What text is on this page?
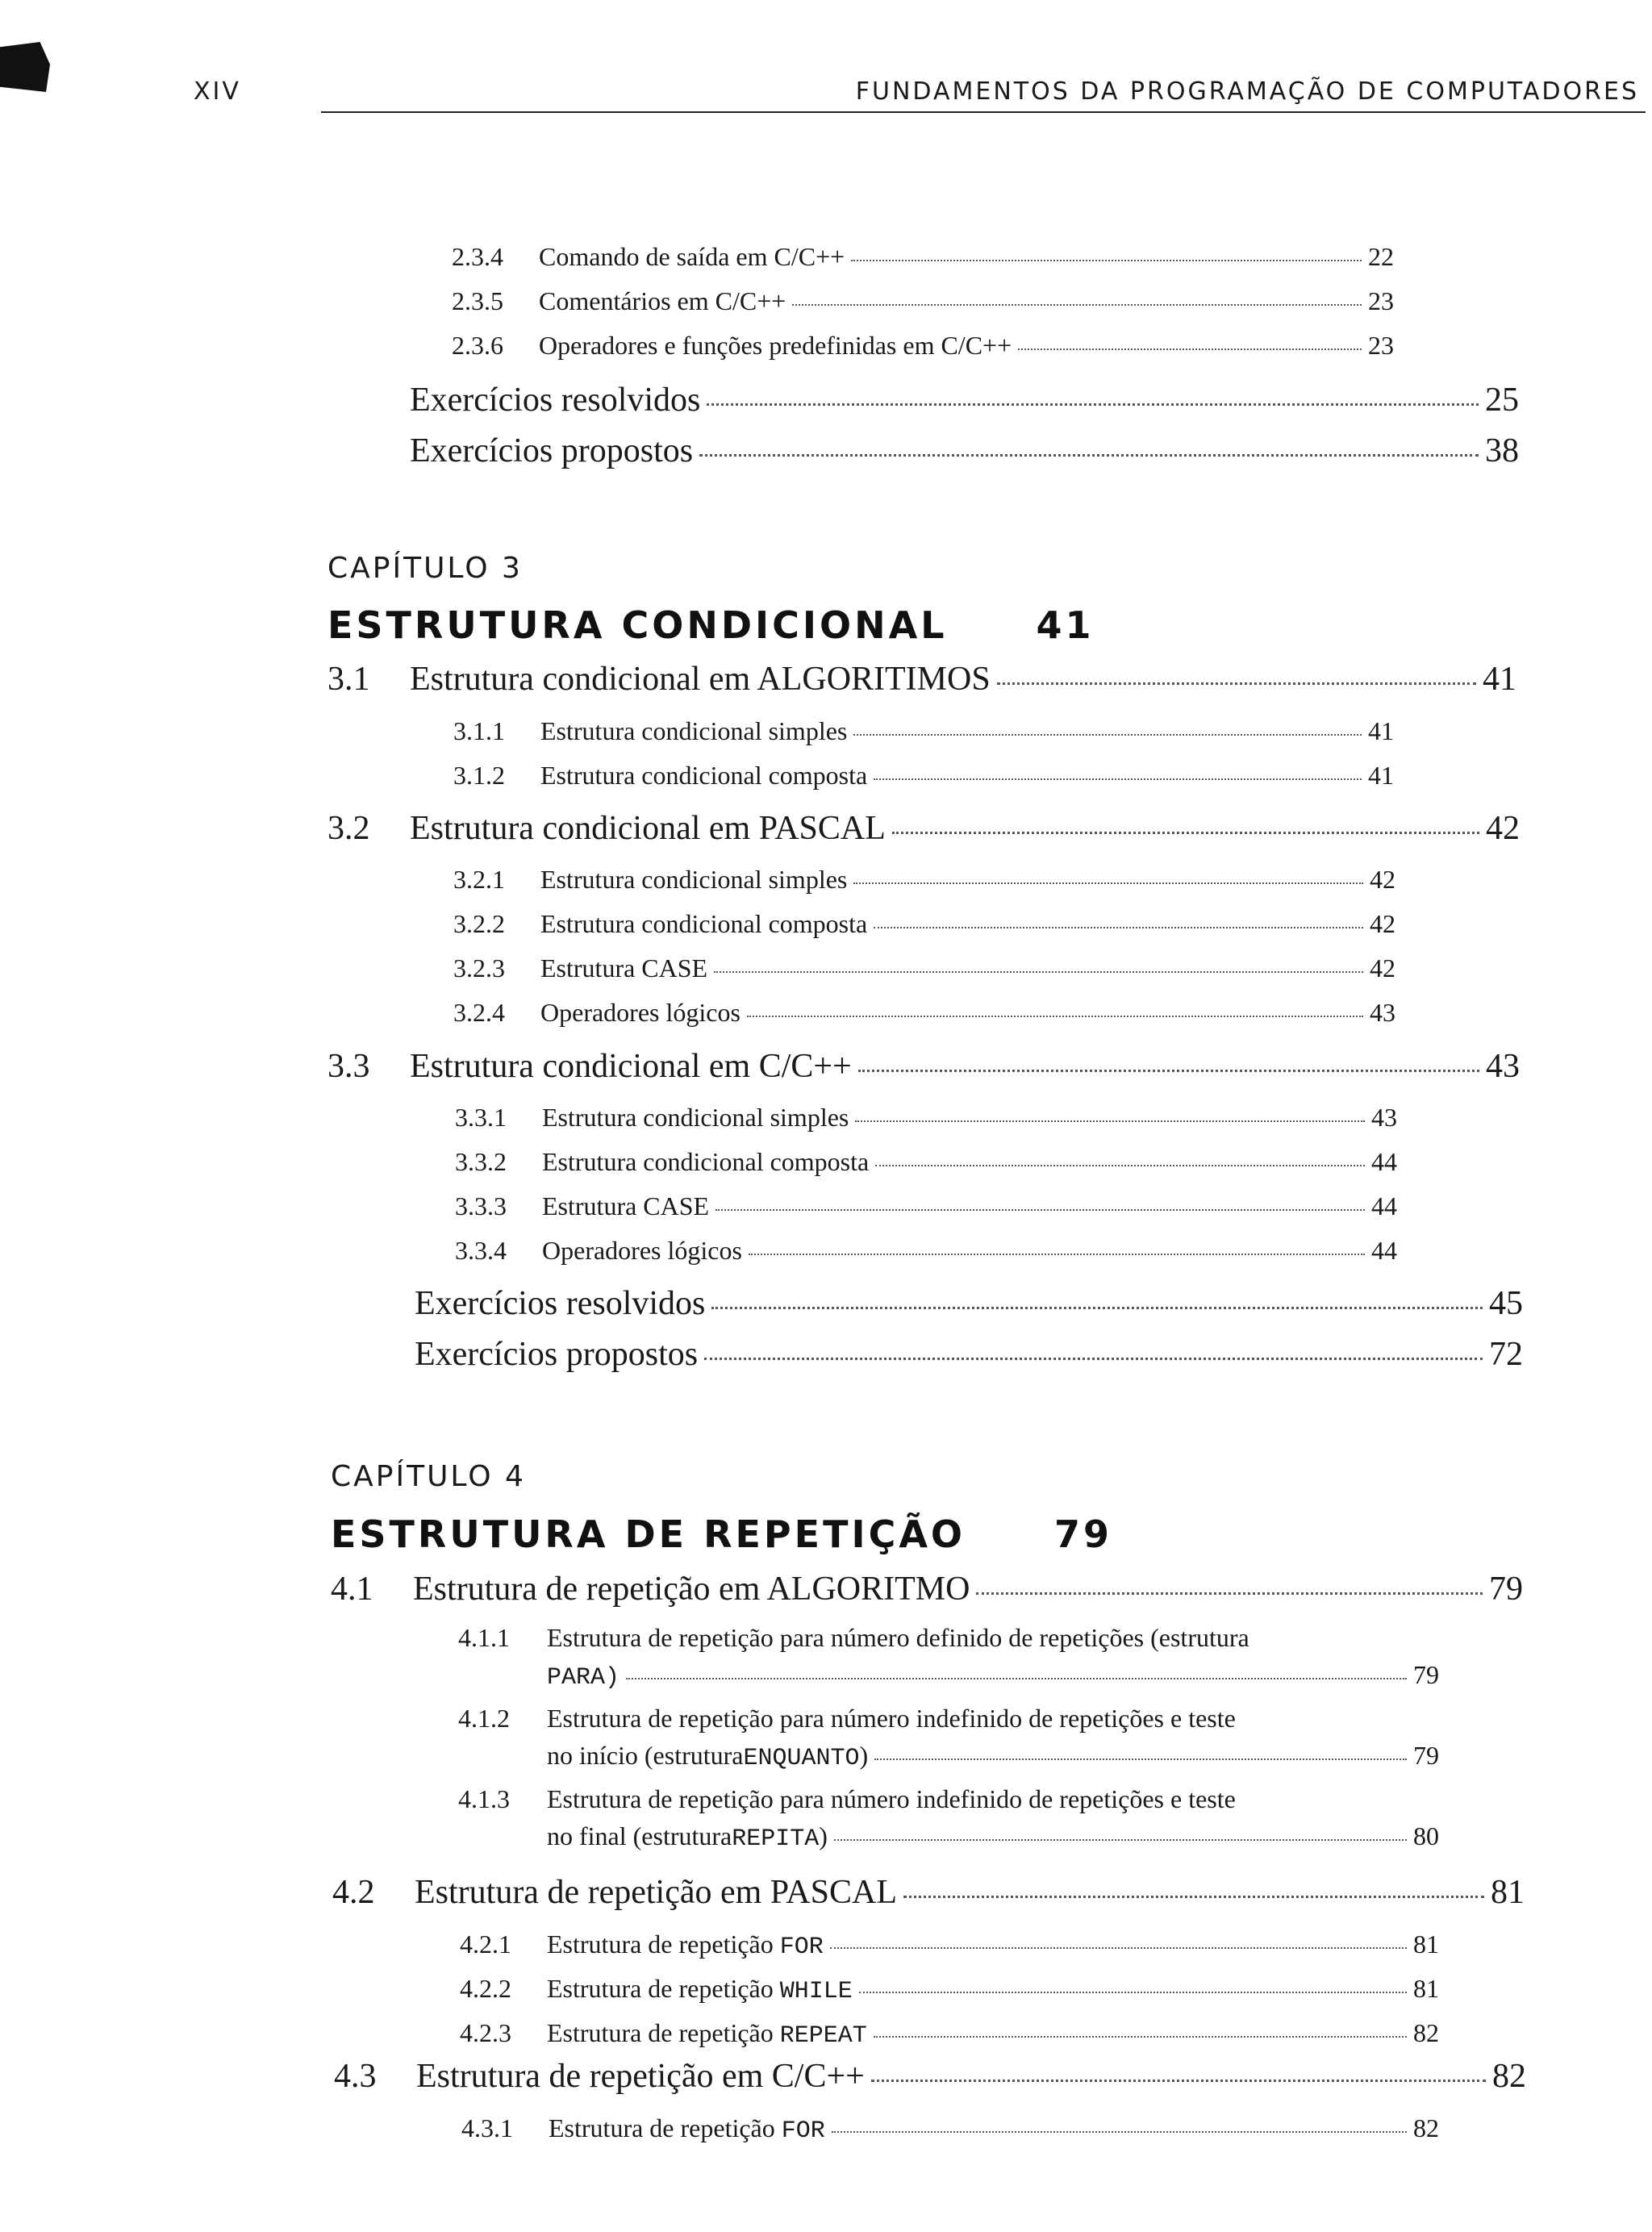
XIV	FUNDAMENTOS DA PROGRAMAÇÃO DE COMPUTADORES
2.3.4	Comando de saída em C/C++	22
2.3.5	Comentários em C/C++	23
2.3.6	Operadores e funções predefinidas em C/C++	23
Exercícios resolvidos	25
Exercícios propostos	38
CAPÍTULO 3
ESTRUTURA CONDICIONAL 41
3.1	Estrutura condicional em ALGORITIMOS	41
3.1.1	Estrutura condicional simples	41
3.1.2	Estrutura condicional composta	41
3.2	Estrutura condicional em PASCAL	42
3.2.1	Estrutura condicional simples	42
3.2.2	Estrutura condicional composta	42
3.2.3	Estrutura CASE	42
3.2.4	Operadores lógicos	43
3.3	Estrutura condicional em C/C++	43
3.3.1	Estrutura condicional simples	43
3.3.2	Estrutura condicional composta	44
3.3.3	Estrutura CASE	44
3.3.4	Operadores lógicos	44
Exercícios resolvidos	45
Exercícios propostos	72
CAPÍTULO 4
ESTRUTURA DE REPETIÇÃO 79
4.1	Estrutura de repetição em ALGORITMO	79
4.1.1 Estrutura de repetição para número definido de repetições (estrutura
PARA)	79
4.1.2 Estrutura de repetição para número indefinido de repetições e teste
no início (estrutura ENQUANTO )	79
4.1.3 Estrutura de repetição para número indefinido de repetições e teste
no final (estrutura REPITA )	80
4.2	Estrutura de repetição em PASCAL	81
4.2.1	Estrutura de repetição FOR	81
4.2.2	Estrutura de repetição WHILE	81
4.2.3	Estrutura de repetição REPEAT	82
4.3	Estrutura de repetição em C/C++	82
4.3.1	Estrutura de repetição FOR	82
